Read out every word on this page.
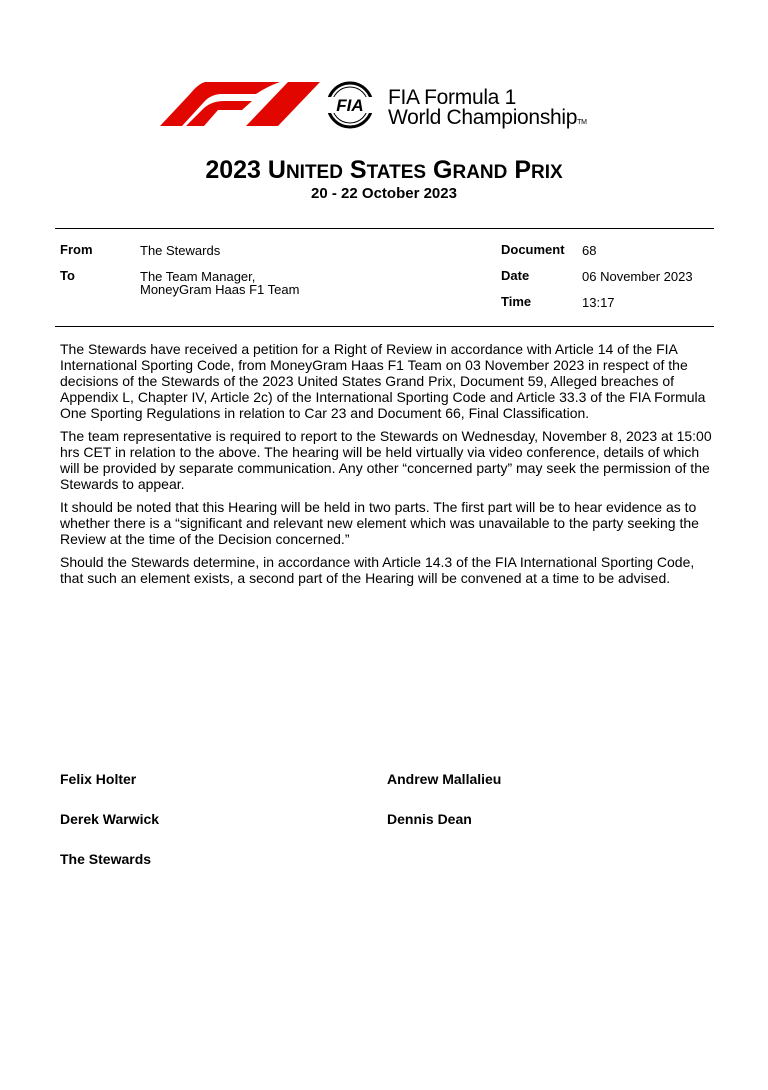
FIA FIA Formula 1
World ChampionshipTM
2023 UNITED STATES GRAND PRIX
20 - 22 October 2023
From	The Stewards
To	The Team Manager,
MoneyGram Haas F1 Team
Document 68
Date	06 November 2023
Time	13:17

The Stewards have received a petition for a Right of Review in accordance with Article 14 of the FIA International Sporting Code, from MoneyGram Haas F1 Team on 03 November 2023 in respect of the decisions of the Stewards of the 2023 United States Grand Prix, Document 59, Alleged breaches of Appendix L, Chapter IV, Article 2c) of the International Sporting Code and Article 33.3 of the FIA Formula One Sporting Regulations in relation to Car 23 and Document 66, Final Classification.

The team representative is required to report to the Stewards on Wednesday, November 8, 2023 at 15:00 hrs CET in relation to the above. The hearing will be held virtually via video conference, details of which will be provided by separate communication. Any other “concerned party” may seek the permission of the Stewards to appear.

It should be noted that this Hearing will be held in two parts. The first part will be to hear evidence as to whether there is a “significant and relevant new element which was unavailable to the party seeking the Review at the time of the Decision concerned.”

Should the Stewards determine, in accordance with Article 14.3 of the FIA International Sporting Code, that such an element exists, a second part of the Hearing will be convened at a time to be advised.

Felix Holter	Andrew Mallalieu
Derek Warwick	Dennis Dean
The Stewards
